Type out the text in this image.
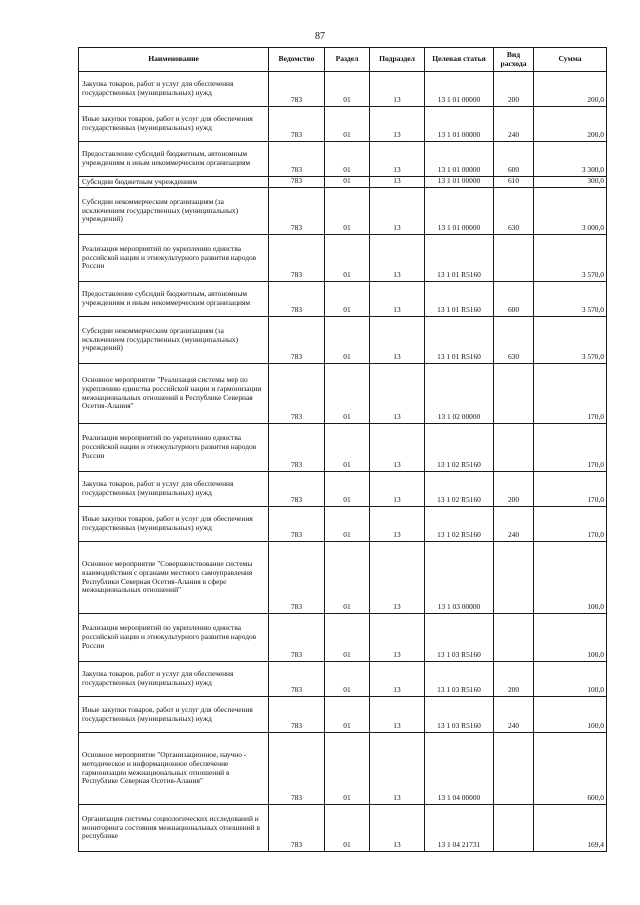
87
Наименование	Ведомство	Раздел	Подраздел	Целевая статья	Вид расхода	Сумма
Закупка товаров, работ и услуг для обеспечения государственных (муниципальных) нужд	783	01	13	13 1 01 00000	200	200,0
Иные закупки товаров, работ и услуг для обеспечения государственных (муниципальных) нужд	783	01	13	13 1 01 00000	240	200,0
Предоставление субсидий бюджетным, автономным учреждениям и иным некоммерческим организациям	783	01	13	13 1 01 00000	600	3 300,0
Субсидии бюджетным учреждениям	783	01	13	13 1 01 00000	610	300,0
Субсидии некоммерческим организациям (за исключением государственных (муниципальных) учреждений)	783	01	13	13 1 01 00000	630	3 000,0
Реализация мероприятий по укреплению единства российской нации и этнокультурного развития народов России	783	01	13	13 1 01 R5160		3 570,0
Предоставление субсидий бюджетным, автономным учреждениям и иным некоммерческим организациям	783	01	13	13 1 01 R5160	600	3 570,0
Субсидии некоммерческим организациям (за исключением государственных (муниципальных) учреждений)	783	01	13	13 1 01 R5160	630	3 570,0
Основное мероприятие "Реализация системы мер по укреплению единства российской нации и гармонизации межнациональных отношений в Республике Северная Осетия-Алания"	783	01	13	13 1 02 00000		170,0
Реализация мероприятий по укреплению единства российской нации и этнокультурного развития народов России	783	01	13	13 1 02 R5160		170,0
Закупка товаров, работ и услуг для обеспечения государственных (муниципальных) нужд	783	01	13	13 1 02 R5160	200	170,0
Иные закупки товаров, работ и услуг для обеспечения государственных (муниципальных) нужд	783	01	13	13 1 02 R5160	240	170,0
Основное мероприятие "Совершенствование системы взаимодействия с органами местного самоуправления Республики Северная Осетия-Алания в сфере межнациональных отношений"	783	01	13	13 1 03 00000		100,0
Реализация мероприятий по укреплению единства российской нации и этнокультурного развития народов России	783	01	13	13 1 03 R5160		100,0
Закупка товаров, работ и услуг для обеспечения государственных (муниципальных) нужд	783	01	13	13 1 03 R5160	200	100,0
Иные закупки товаров, работ и услуг для обеспечения государственных (муниципальных) нужд	783	01	13	13 1 03 R5160	240	100,0
Основное мероприятие "Организационное, научно - методическое и информационное обеспечение гармонизации межнациональных отношений в Республике Северная Осетия-Алания"	783	01	13	13 1 04 00000		600,0
Организация системы социологических исследований и мониторинга состояния межнациональных отношений в республике	783	01	13	13 1 04 21731		169,4
